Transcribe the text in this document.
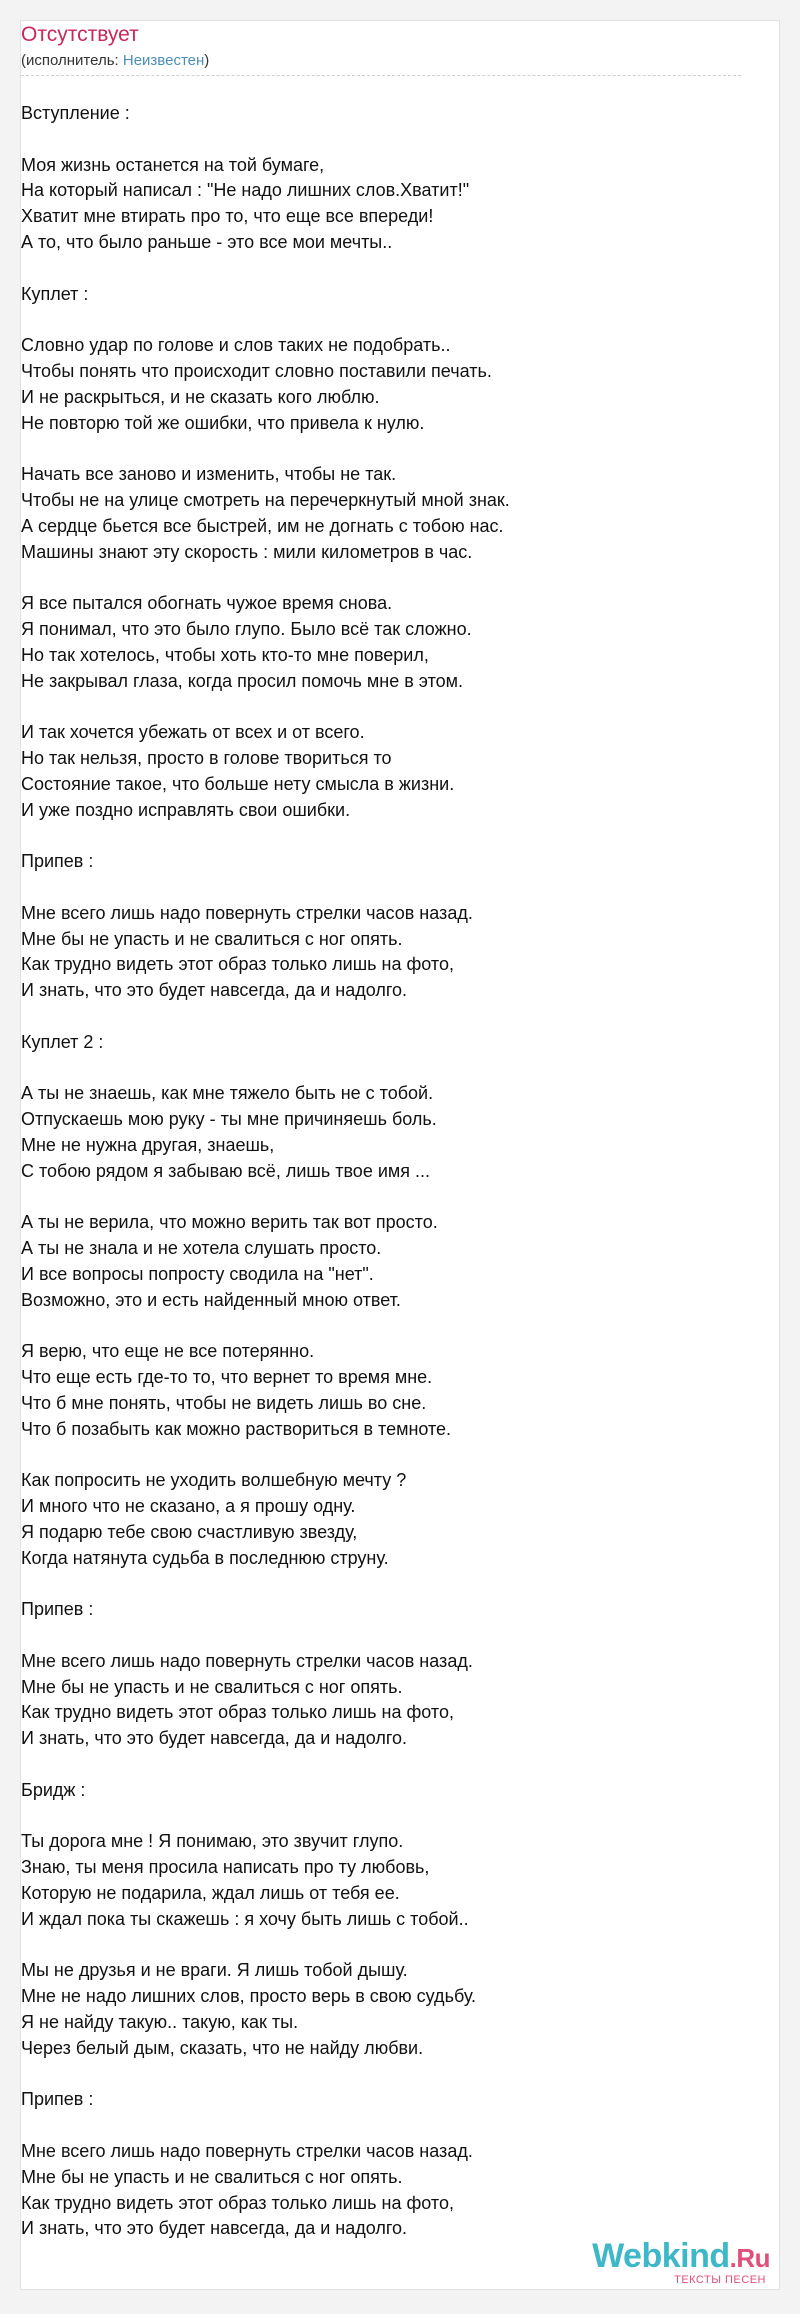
Отсутствует
(исполнитель: Неизвестен)
Вступление :
Моя жизнь останется на той бумаге,
На который написал : "Не надо лишних слов.Хватит!"
Хватит мне втирать про то, что еще все впереди!
А то, что было раньше - это все мои мечты..
Куплет :
Словно удар по голове и слов таких не подобрать..
Чтобы понять что происходит словно поставили печать.
И не раскрыться, и не сказать кого люблю.
Не повторю той же ошибки, что привела к нулю.
Начать все заново и изменить, чтобы не так.
Чтобы не на улице смотреть на перечеркнутый мной знак.
А сердце бьется все быстрей, им не догнать с тобою нас.
Машины знают эту скорость : мили километров в час.
Я все пытался обогнать чужое время снова.
Я понимал, что это было глупо. Было всё так сложно.
Но так хотелось, чтобы хоть кто-то мне поверил,
Не закрывал глаза, когда просил помочь мне в этом.
И так хочется убежать от всех и от всего.
Но так нельзя, просто в голове твориться то
Состояние такое, что больше нету смысла в жизни.
И уже поздно исправлять свои ошибки.
Припев :
Мне всего лишь надо повернуть стрелки часов назад.
Мне бы не упасть и не свалиться с ног опять.
Как трудно видеть этот образ только лишь на фото,
И знать, что это будет навсегда, да и надолго.
Куплет 2 :
А ты не знаешь, как мне тяжело быть не с тобой.
Отпускаешь мою руку - ты мне причиняешь боль.
Мне не нужна другая, знаешь,
С тобою рядом я забываю всё, лишь твое имя ...
А ты не верила, что можно верить так вот просто.
А ты не знала и не хотела слушать просто.
И все вопросы попросту сводила на "нет".
Возможно, это и есть найденный мною ответ.
Я верю, что еще не все потерянно.
Что еще есть где-то то, что вернет то время мне.
Что б мне понять, чтобы не видеть лишь во сне.
Что б позабыть как можно раствориться в темноте.
Как попросить не уходить волшебную мечту ?
И много что не сказано, а я прошу одну.
Я подарю тебе свою счастливую звезду,
Когда натянута судьба в последнюю струну.
Припев :
Мне всего лишь надо повернуть стрелки часов назад.
Мне бы не упасть и не свалиться с ног опять.
Как трудно видеть этот образ только лишь на фото,
И знать, что это будет навсегда, да и надолго.
Бридж :
Ты дорога мне ! Я понимаю, это звучит глупо.
Знаю, ты меня просила написать про ту любовь,
Которую не подарила, ждал лишь от тебя ее.
И ждал пока ты скажешь : я хочу быть лишь с тобой..
Мы не друзья и не враги. Я лишь тобой дышу.
Мне не надо лишних слов, просто верь в свою судьбу.
Я не найду такую.. такую, как ты.
Через белый дым, сказать, что не найду любви.
Припев :
Мне всего лишь надо повернуть стрелки часов назад.
Мне бы не упасть и не свалиться с ног опять.
Как трудно видеть этот образ только лишь на фото,
И знать, что это будет навсегда, да и надолго.
Webkind.Ru
ТЕКСТЫ ПЕСЕН
